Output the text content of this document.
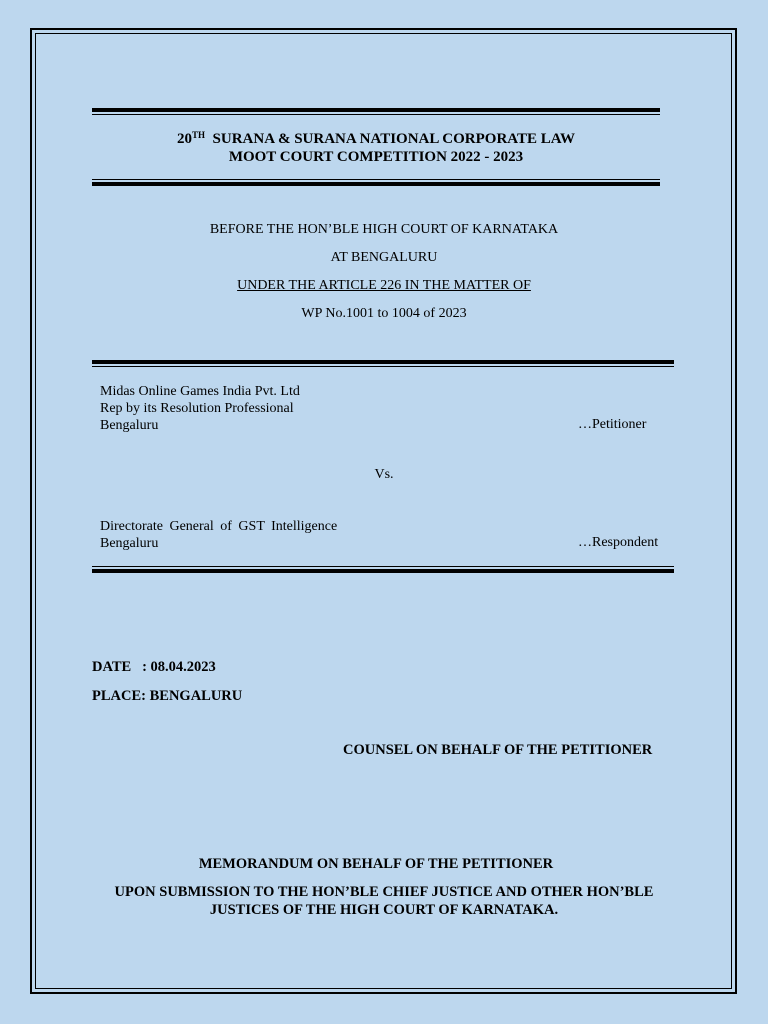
20TH SURANA & SURANA NATIONAL CORPORATE LAW
MOOT COURT COMPETITION 2022 - 2023
BEFORE THE HON’BLE HIGH COURT OF KARNATAKA
AT BENGALURU
UNDER THE ARTICLE 226 IN THE MATTER OF
WP No.1001 to 1004 of 2023
Midas Online Games India Pvt. Ltd
Rep by its Resolution Professional
Bengaluru	…Petitioner
Vs.
Directorate General of GST Intelligence
Bengaluru	…Respondent
DATE   : 08.04.2023
PLACE: BENGALURU
COUNSEL ON BEHALF OF THE PETITIONER
MEMORANDUM ON BEHALF OF THE PETITIONER
UPON SUBMISSION TO THE HON’BLE CHIEF JUSTICE AND OTHER HON’BLE
JUSTICES OF THE HIGH COURT OF KARNATAKA.
